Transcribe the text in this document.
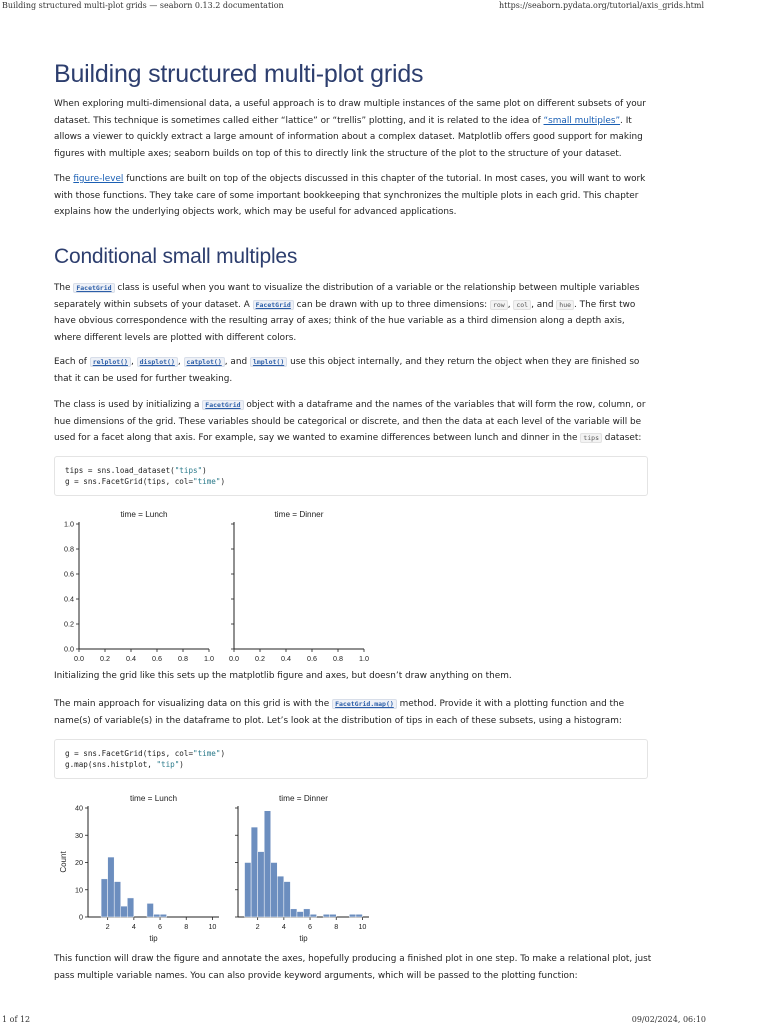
Building structured multi-plot grids — seaborn 0.13.2 documentation	https://seaborn.pydata.org/tutorial/axis_grids.html
Building structured multi-plot grids

When exploring multi-dimensional data, a useful approach is to draw multiple instances of the same plot on different subsets of your dataset. This technique is sometimes called either “lattice” or “trellis” plotting, and it is related to the idea of “small multiples”. It allows a viewer to quickly extract a large amount of information about a complex dataset. Matplotlib offers good support for making figures with multiple axes; seaborn builds on top of this to directly link the structure of the plot to the structure of your dataset.

The figure-level functions are built on top of the objects discussed in this chapter of the tutorial. In most cases, you will want to work with those functions. They take care of some important bookkeeping that synchronizes the multiple plots in each grid. This chapter explains how the underlying objects work, which may be useful for advanced applications.

Conditional small multiples

The FacetGrid class is useful when you want to visualize the distribution of a variable or the relationship between multiple variables separately within subsets of your dataset. A FacetGrid can be drawn with up to three dimensions: row , col , and hue . The first two have obvious correspondence with the resulting array of axes; think of the hue variable as a third dimension along a depth axis, where different levels are plotted with different colors.

Each of relplot() , displot() , catplot() , and lmplot() use this object internally, and they return the object when they are finished so that it can be used for further tweaking.

The class is used by initializing a FacetGrid object with a dataframe and the names of the variables that will form the row, column, or hue dimensions of the grid. These variables should be categorical or discrete, and then the data at each level of the variable will be used for a facet along that axis. For example, say we wanted to examine differences between lunch and dinner in the tips dataset:

tips = sns.load_dataset("tips")
g = sns.FacetGrid(tips, col="time")
0.0 0.2 0.4 0.6 0.8 1.0
0.0
0.2
0.4
0.6
0.8
1.0
time = Lunch
0.0 0.2 0.4 0.6 0.8 1.0
time = Dinner

Initializing the grid like this sets up the matplotlib figure and axes, but doesn’t draw anything on them.

The main approach for visualizing data on this grid is with the FacetGrid.map() method. Provide it with a plotting function and the name(s) of variable(s) in the dataframe to plot. Let’s look at the distribution of tips in each of these subsets, using a histogram:

g = sns.FacetGrid(tips, col="time")
g.map(sns.histplot, "tip")
2	4	6	8	10
0
10
20
30
40
time = Lunch
tip
2	4	6	8	10
time = Dinner
tip
Count

This function will draw the figure and annotate the axes, hopefully producing a finished plot in one step. To make a relational plot, just pass multiple variable names. You can also provide keyword arguments, which will be passed to the plotting function:

1 of 12	09/02/2024, 06:10
